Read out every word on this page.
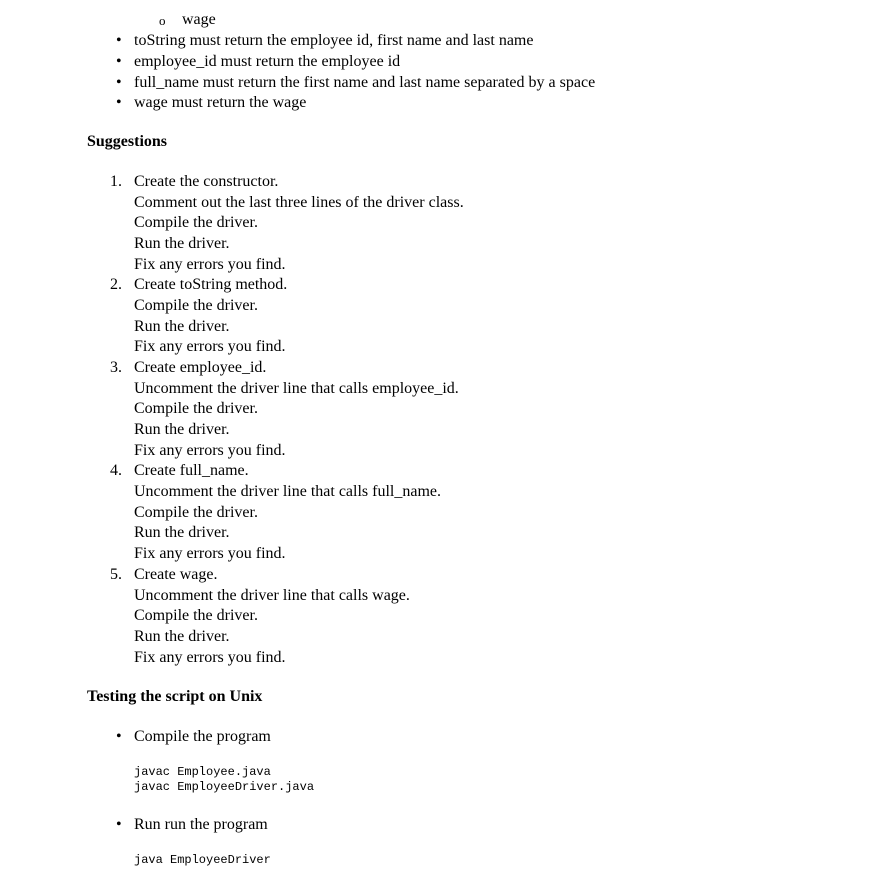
o wage
• toString must return the employee id, first name and last name
• employee_id must return the employee id
• full_name must return the first name and last name separated by a space
• wage must return the wage
Suggestions
1. Create the constructor.
Comment out the last three lines of the driver class.
Compile the driver.
Run the driver.
Fix any errors you find.
2. Create toString method.
Compile the driver.
Run the driver.
Fix any errors you find.
3. Create employee_id.
Uncomment the driver line that calls employee_id.
Compile the driver.
Run the driver.
Fix any errors you find.
4. Create full_name.
Uncomment the driver line that calls full_name.
Compile the driver.
Run the driver.
Fix any errors you find.
5. Create wage.
Uncomment the driver line that calls wage.
Compile the driver.
Run the driver.
Fix any errors you find.
Testing the script on Unix
• Compile the program
javac Employee.java
javac EmployeeDriver.java
• Run run the program
java EmployeeDriver
